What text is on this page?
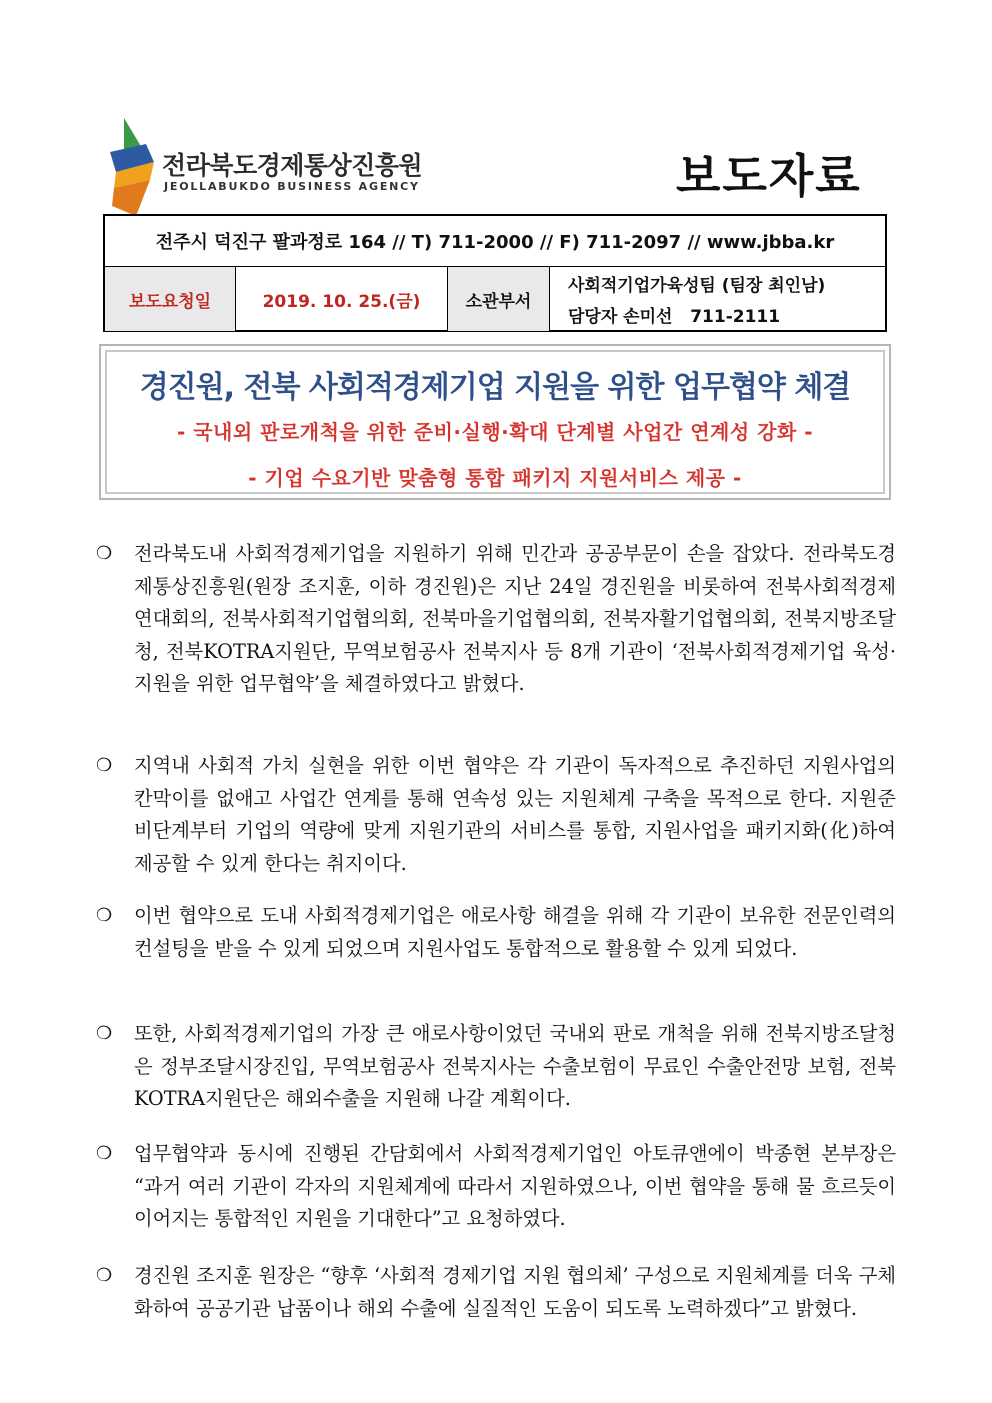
전라북도경제통상진흥원
JEOLLABUKDO BUSINESS AGENCY	보도자료
전주시 덕진구 팔과정로 164 // T) 711-2000 // F) 711-2097 // www.jbba.kr
보도요청일	2019. 10. 25.(금)	소관부서
사회적기업가육성팀 (팀장 최인남)
담당자 손미선   711-2111
경진원, 전북 사회적경제기업 지원을 위한 업무협약 체결
- 국내외 판로개척을 위한 준비·실행·확대 단계별 사업간 연계성 강화 -
- 기업 수요기반 맞춤형 통합 패키지 지원서비스 제공 -
❍ 전라북도내 사회적경제기업을 지원하기 위해 민간과 공공부문이 손을 잡았다. 전라북도경제통상진흥원(원장 조지훈, 이하 경진원)은 지난 24일 경진원을 비롯하여 전북사회적경제연대회의, 전북사회적기업협의회, 전북마을기업협의회, 전북자활기업협의회, 전북지방조달청, 전북KOTRA지원단, 무역보험공사 전북지사 등 8개 기관이 ‘전북사회적경제기업 육성·지원을 위한 업무협약’을 체결하였다고 밝혔다.
❍ 지역내 사회적 가치 실현을 위한 이번 협약은 각 기관이 독자적으로 추진하던 지원사업의 칸막이를 없애고 사업간 연계를 통해 연속성 있는 지원체계 구축을 목적으로 한다. 지원준비단계부터 기업의 역량에 맞게 지원기관의 서비스를 통합, 지원사업을 패키지화(化)하여 제공할 수 있게 한다는 취지이다.
❍ 이번 협약으로 도내 사회적경제기업은 애로사항 해결을 위해 각 기관이 보유한 전문인력의 컨설팅을 받을 수 있게 되었으며 지원사업도 통합적으로 활용할 수 있게 되었다.
❍ 또한, 사회적경제기업의 가장 큰 애로사항이었던 국내외 판로 개척을 위해 전북지방조달청은 정부조달시장진입, 무역보험공사 전북지사는 수출보험이 무료인 수출안전망 보험, 전북KOTRA지원단은 해외수출을 지원해 나갈 계획이다.
❍ 업무협약과 동시에 진행된 간담회에서 사회적경제기업인 아토큐앤에이 박종현 본부장은 “과거 여러 기관이 각자의 지원체계에 따라서 지원하였으나, 이번 협약을 통해 물 흐르듯이 이어지는 통합적인 지원을 기대한다”고 요청하였다.
❍ 경진원 조지훈 원장은 “향후 ‘사회적 경제기업 지원 협의체’ 구성으로 지원체계를 더욱 구체화하여 공공기관 납품이나 해외 수출에 실질적인 도움이 되도록 노력하겠다”고 밝혔다.
